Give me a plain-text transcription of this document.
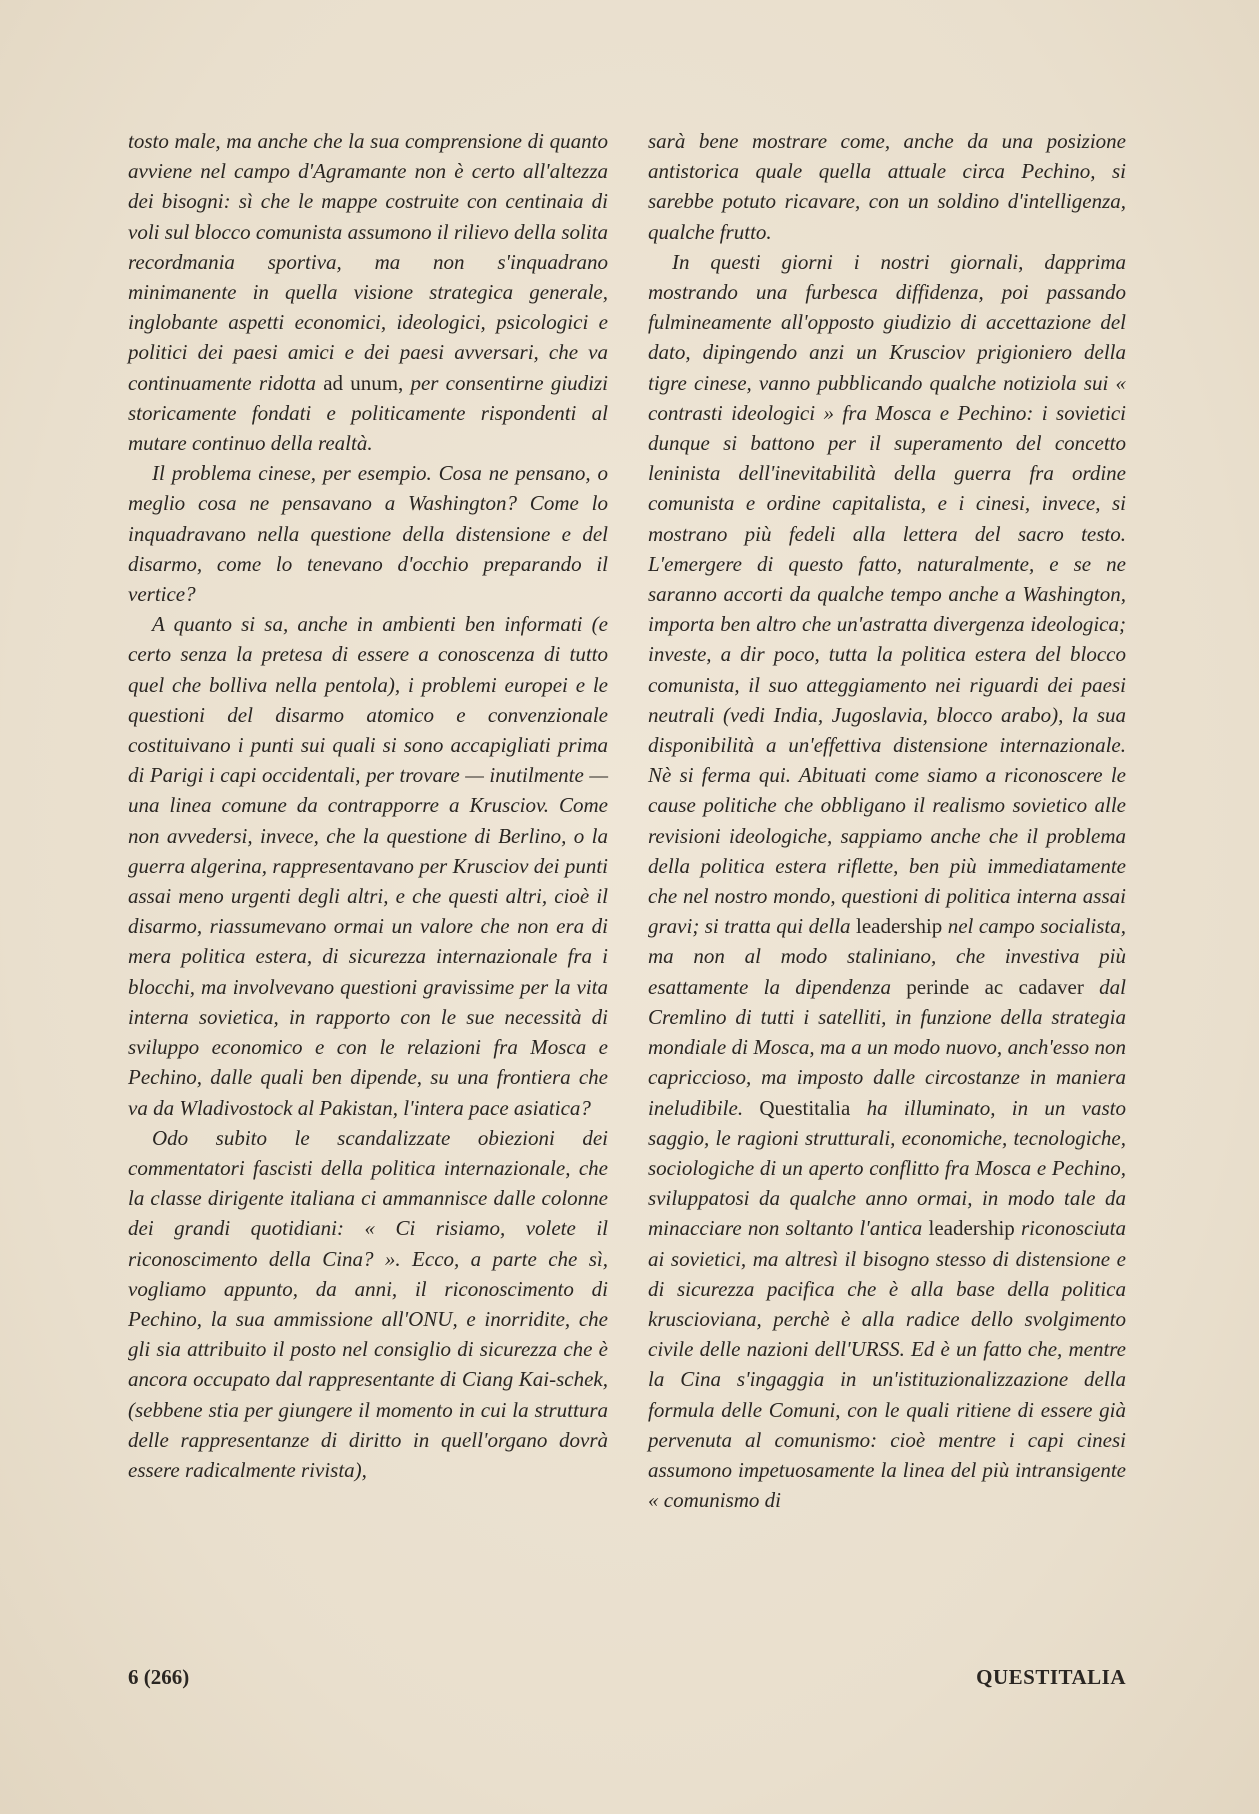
tosto male, ma anche che la sua comprensione di quanto avviene nel campo d'Agramante non è certo all'altezza dei bisogni: sì che le mappe costruite con centinaia di voli sul blocco comunista assumono il rilievo della solita recordmania sportiva, ma non s'inquadrano minimanente in quella visione strategica generale, inglobante aspetti economici, ideologici, psicologici e politici dei paesi amici e dei paesi avversari, che va continuamente ridotta ad unum, per consentirne giudizi storicamente fondati e politicamente rispondenti al mutare continuo della realtà.

Il problema cinese, per esempio. Cosa ne pensano, o meglio cosa ne pensavano a Washington? Come lo inquadravano nella questione della distensione e del disarmo, come lo tenevano d'occhio preparando il vertice?

A quanto si sa, anche in ambienti ben informati (e certo senza la pretesa di essere a conoscenza di tutto quel che bolliva nella pentola), i problemi europei e le questioni del disarmo atomico e convenzionale costituivano i punti sui quali si sono accapigliati prima di Parigi i capi occidentali, per trovare — inutilmente — una linea comune da contrapporre a Krusciov. Come non avvedersi, invece, che la questione di Berlino, o la guerra algerina, rappresentavano per Krusciov dei punti assai meno urgenti degli altri, e che questi altri, cioè il disarmo, riassumevano ormai un valore che non era di mera politica estera, di sicurezza internazionale fra i blocchi, ma involvevano questioni gravissime per la vita interna sovietica, in rapporto con le sue necessità di sviluppo economico e con le relazioni fra Mosca e Pechino, dalle quali ben dipende, su una frontiera che va da Wladivostock al Pakistan, l'intera pace asiatica?

Odo subito le scandalizzate obiezioni dei commentatori fascisti della politica internazionale, che la classe dirigente italiana ci ammannisce dalle colonne dei grandi quotidiani: « Ci risiamo, volete il riconoscimento della Cina? ». Ecco, a parte che sì, vogliamo appunto, da anni, il riconoscimento di Pechino, la sua ammissione all'ONU, e inorridite, che gli sia attribuito il posto nel consiglio di sicurezza che è ancora occupato dal rappresentante di Ciang Kai-schek, (sebbene stia per giungere il momento in cui la struttura delle rappresentanze di diritto in quell'organo dovrà essere radicalmente rivista),

sarà bene mostrare come, anche da una posizione antistorica quale quella attuale circa Pechino, si sarebbe potuto ricavare, con un soldino d'intelligenza, qualche frutto.

In questi giorni i nostri giornali, dapprima mostrando una furbesca diffidenza, poi passando fulmineamente all'opposto giudizio di accettazione del dato, dipingendo anzi un Krusciov prigioniero della tigre cinese, vanno pubblicando qualche notiziola sui « contrasti ideologici » fra Mosca e Pechino: i sovietici dunque si battono per il superamento del concetto leninista dell'inevitabilità della guerra fra ordine comunista e ordine capitalista, e i cinesi, invece, si mostrano più fedeli alla lettera del sacro testo. L'emergere di questo fatto, naturalmente, e se ne saranno accorti da qualche tempo anche a Washington, importa ben altro che un'astratta divergenza ideologica; investe, a dir poco, tutta la politica estera del blocco comunista, il suo atteggiamento nei riguardi dei paesi neutrali (vedi India, Jugoslavia, blocco arabo), la sua disponibilità a un'effettiva distensione internazionale. Nè si ferma qui. Abituati come siamo a riconoscere le cause politiche che obbligano il realismo sovietico alle revisioni ideologiche, sappiamo anche che il problema della politica estera riflette, ben più immediatamente che nel nostro mondo, questioni di politica interna assai gravi; si tratta qui della leadership nel campo socialista, ma non al modo staliniano, che investiva più esattamente la dipendenza perinde ac cadaver dal Cremlino di tutti i satelliti, in funzione della strategia mondiale di Mosca, ma a un modo nuovo, anch'esso non capriccioso, ma imposto dalle circostanze in maniera ineludibile. Questitalia ha illuminato, in un vasto saggio, le ragioni strutturali, economiche, tecnologiche, sociologiche di un aperto conflitto fra Mosca e Pechino, sviluppatosi da qualche anno ormai, in modo tale da minacciare non soltanto l'antica leadership riconosciuta ai sovietici, ma altresì il bisogno stesso di distensione e di sicurezza pacifica che è alla base della politica kruscioviana, perchè è alla radice dello svolgimento civile delle nazioni dell'URSS. Ed è un fatto che, mentre la Cina s'ingaggia in un'istituzionalizzazione della formula delle Comuni, con le quali ritiene di essere già pervenuta al comunismo: cioè mentre i capi cinesi assumono impetuosamente la linea del più intransigente « comunismo di

6 (266)	QUESTITALIA
